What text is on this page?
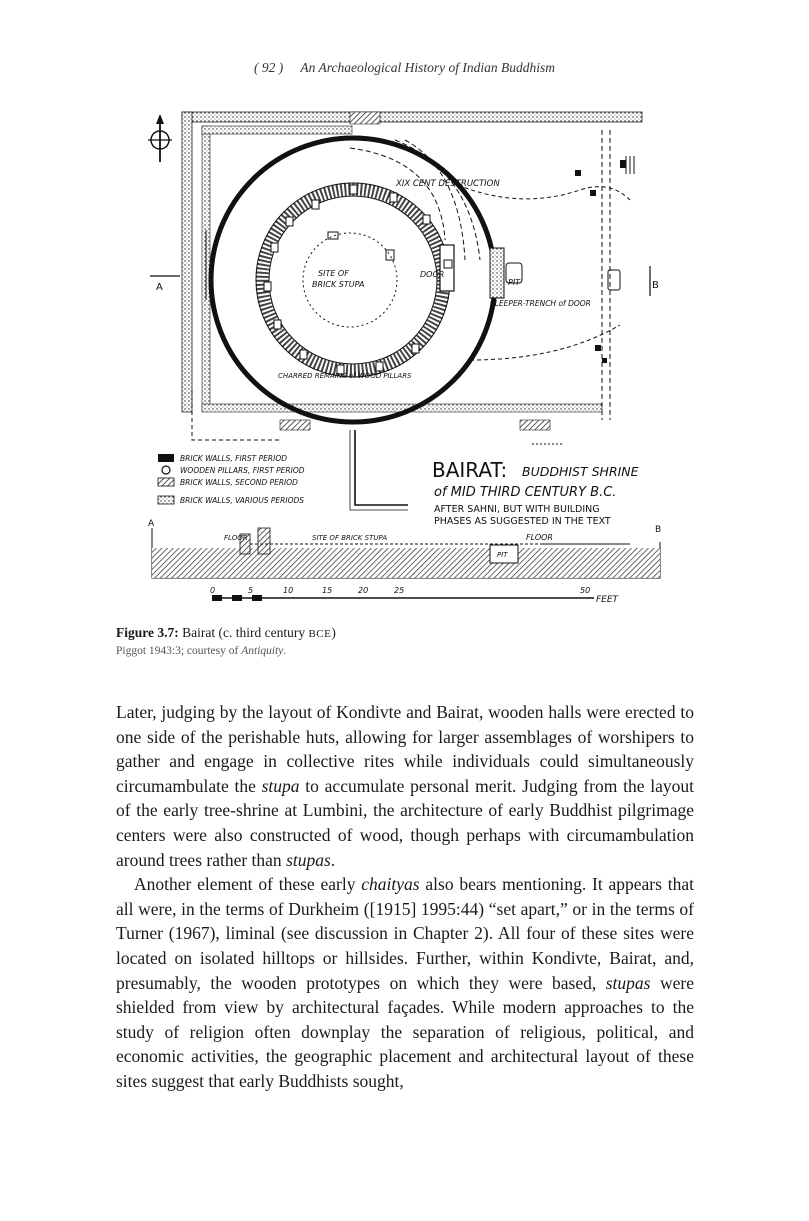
( 92 ) An Archaeological History of Indian Buddhism
A	B
XIX CENT DESTRUCTION
SITE OF
BRICK STUPA
DOOR
PIT
SLEEPER-TRENCH of DOOR
CHARRED REMAINS of WOOD PILLARS
BRICK WALLS, FIRST PERIOD
WOODEN PILLARS, FIRST PERIOD
BRICK WALLS, SECOND PERIOD
BRICK WALLS, VARIOUS PERIODS
BAIRAT: BUDDHIST SHRINE
of MID THIRD CENTURY B.C.
AFTER SAHNI, BUT WITH BUILDING
PHASES AS SUGGESTED IN THE TEXT
A
B
FLOOR	SITE OF BRICK STUPA	FLOOR
PIT
0	5	10	15	20	25	50
FEET
Figure 3.7: Bairat (c. third century BCE)
Piggot 1943:3; courtesy of Antiquity.

Later, judging by the layout of Kondivte and Bairat, wooden halls were erected to one side of the perishable huts, allowing for larger assemblages of worshipers to gather and engage in collective rites while individuals could simultaneously circumambulate the stupa to accumulate personal merit. Judging from the layout of the early tree-shrine at Lumbini, the architecture of early Buddhist pilgrimage centers were also constructed of wood, though perhaps with circumambulation around trees rather than stupas.

Another element of these early chaityas also bears mentioning. It appears that all were, in the terms of Durkheim ([1915] 1995:44) “set apart,” or in the terms of Turner (1967), liminal (see discussion in Chapter 2). All four of these sites were located on isolated hilltops or hillsides. Further, within Kondivte, Bairat, and, presumably, the wooden prototypes on which they were based, stupas were shielded from view by architectural façades. While modern approaches to the study of religion often downplay the separation of religious, political, and economic activities, the geographic placement and architectural layout of these sites suggest that early Buddhists sought,
